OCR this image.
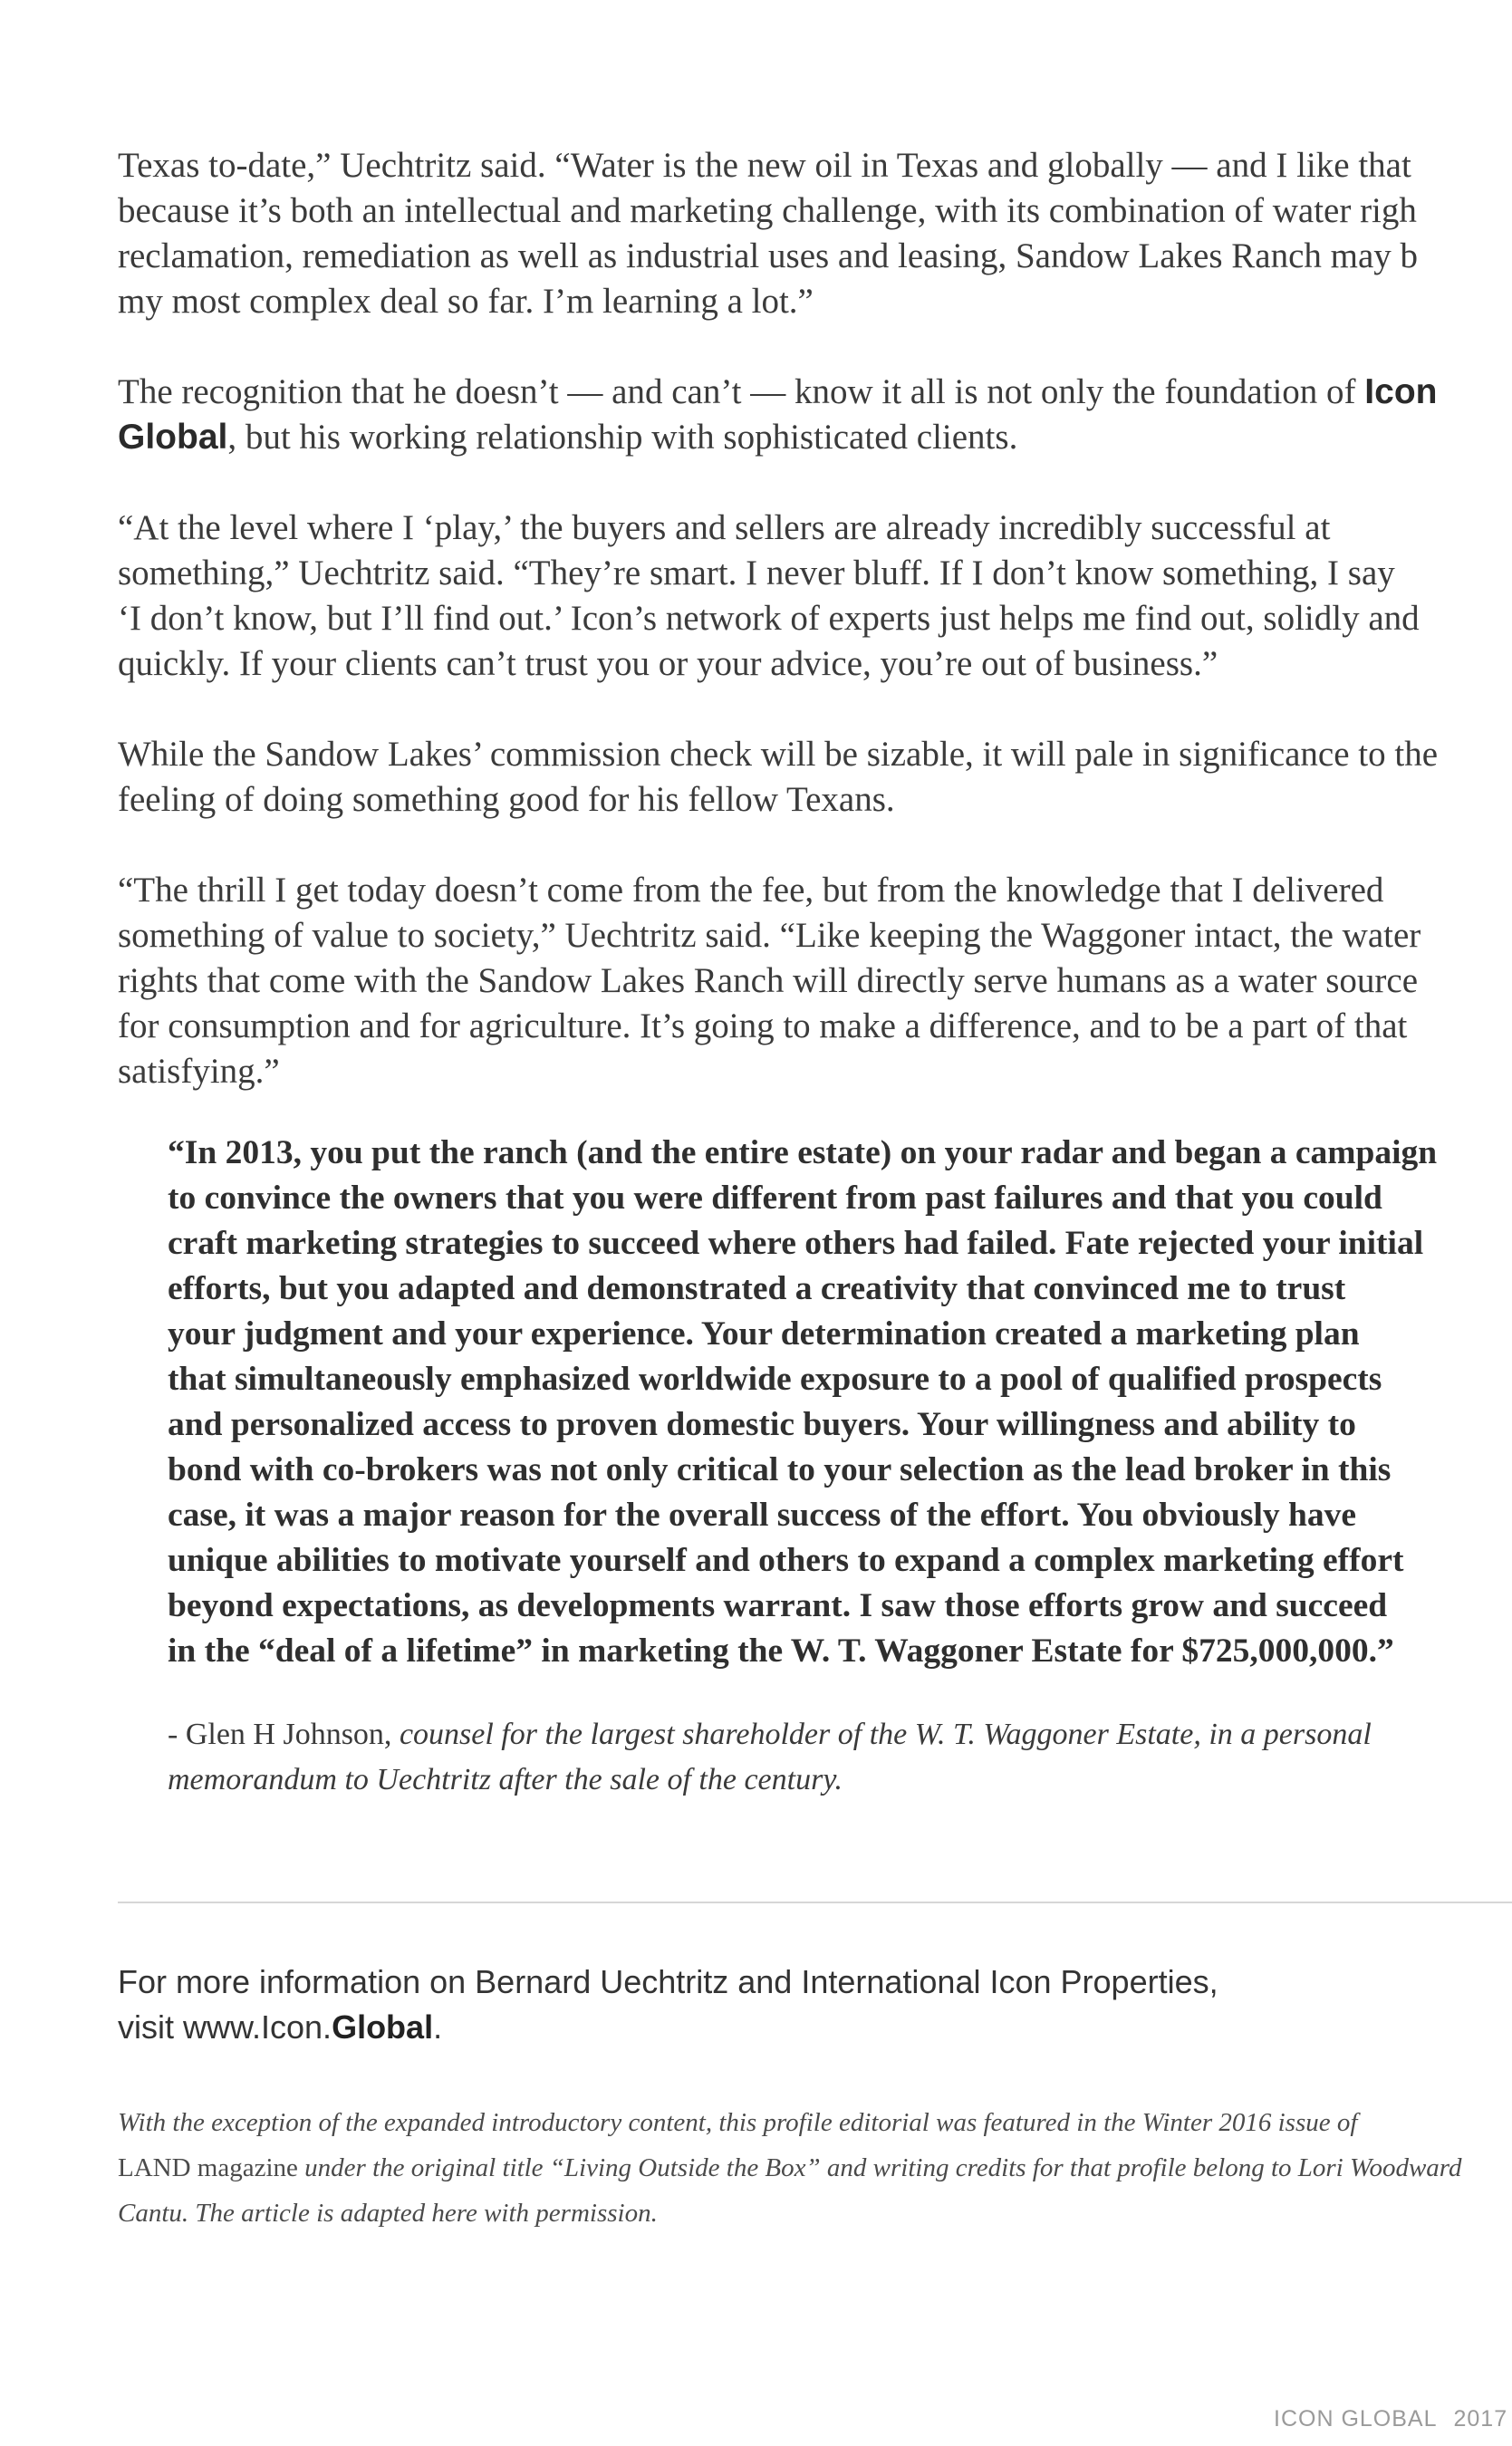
Texas to-date,” Uechtritz said. “Water is the new oil in Texas and globally — and I like that
because it’s both an intellectual and marketing challenge, with its combination of water righ
reclamation, remediation as well as industrial uses and leasing, Sandow Lakes Ranch may b
my most complex deal so far. I’m learning a lot.”

The recognition that he doesn’t — and can’t — know it all is not only the foundation of Icon
Global, but his working relationship with sophisticated clients.

“At the level where I ‘play,’ the buyers and sellers are already incredibly successful at
something,” Uechtritz said. “They’re smart. I never bluff. If I don’t know something, I say
‘I don’t know, but I’ll find out.’ Icon’s network of experts just helps me find out, solidly and
quickly. If your clients can’t trust you or your advice, you’re out of business.”

While the Sandow Lakes’ commission check will be sizable, it will pale in significance to the
feeling of doing something good for his fellow Texans.

“The thrill I get today doesn’t come from the fee, but from the knowledge that I delivered
something of value to society,” Uechtritz said. “Like keeping the Waggoner intact, the water
rights that come with the Sandow Lakes Ranch will directly serve humans as a water source
for consumption and for agriculture. It’s going to make a difference, and to be a part of that
satisfying.”

“In 2013, you put the ranch (and the entire estate) on your radar and began a campaign
to convince the owners that you were different from past failures and that you could
craft marketing strategies to succeed where others had failed. Fate rejected your initial
efforts, but you adapted and demonstrated a creativity that convinced me to trust
your judgment and your experience. Your determination created a marketing plan
that simultaneously emphasized worldwide exposure to a pool of qualified prospects
and personalized access to proven domestic buyers. Your willingness and ability to
bond with co-brokers was not only critical to your selection as the lead broker in this
case, it was a major reason for the overall success of the effort. You obviously have
unique abilities to motivate yourself and others to expand a complex marketing effort
beyond expectations, as developments warrant. I saw those efforts grow and succeed
in the “deal of a lifetime” in marketing the W. T. Waggoner Estate for $725,000,000.”

- Glen H Johnson, counsel for the largest shareholder of the W. T. Waggoner Estate, in a personal
memorandum to Uechtritz after the sale of the century.

For more information on Bernard Uechtritz and International Icon Properties,
visit www.Icon.Global.

With the exception of the expanded introductory content, this profile editorial was featured in the Winter 2016 issue of
LAND magazine under the original title “Living Outside the Box” and writing credits for that profile belong to Lori Woodward Cantu. The article is adapted here with permission.

ICON GLOBAL 2017
